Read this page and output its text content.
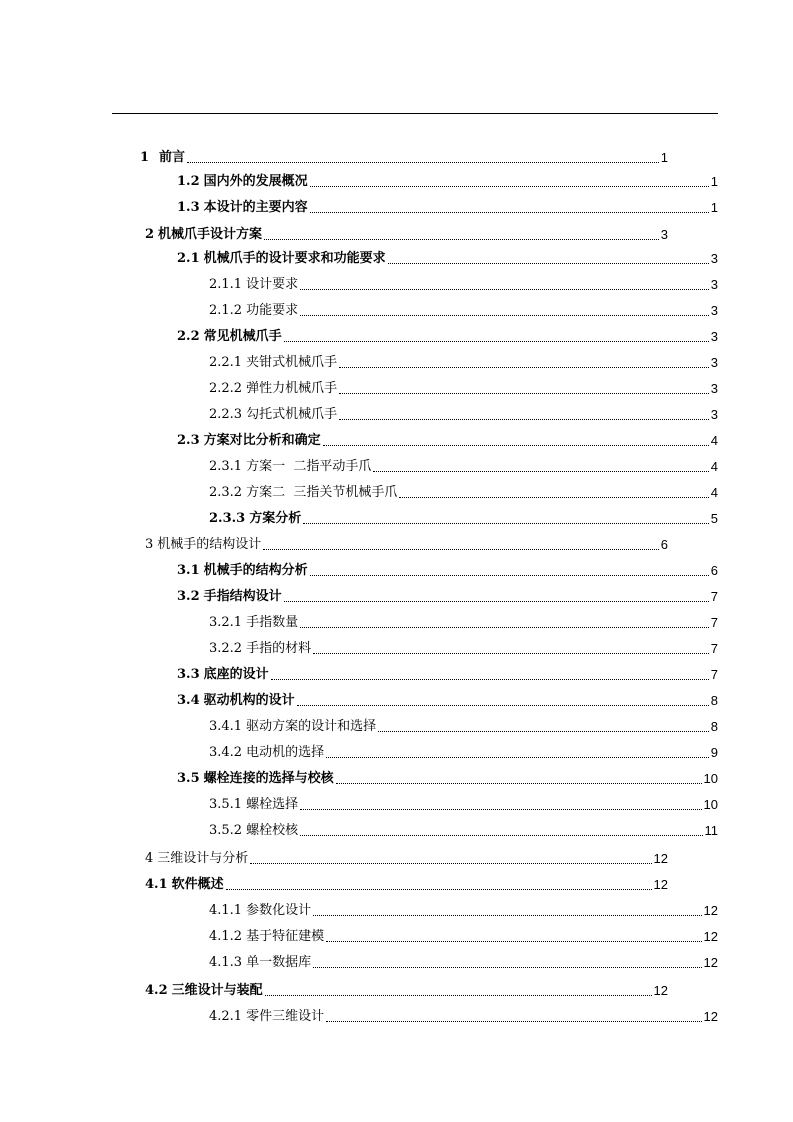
1 前言	1
1.2 国内外的发展概况	1
1.3 本设计的主要内容	1
2 机械爪手设计方案	3
2.1 机械爪手的设计要求和功能要求	3
2.1.1 设计要求	3
2.1.2 功能要求	3
2.2 常见机械爪手	3
2.2.1 夹钳式机械爪手	3
2.2.2 弹性力机械爪手	3
2.2.3 勾托式机械爪手	3
2.3 方案对比分析和确定	4
2.3.1 方案一  二指平动手爪	4
2.3.2 方案二  三指关节机械手爪	4
2.3.3 方案分析	5
3 机械手的结构设计	6
3.1 机械手的结构分析	6
3.2 手指结构设计	7
3.2.1 手指数量	7
3.2.2 手指的材料	7
3.3 底座的设计	7
3.4 驱动机构的设计	8
3.4.1 驱动方案的设计和选择	8
3.4.2 电动机的选择	9
3.5 螺栓连接的选择与校核	10
3.5.1 螺栓选择	10
3.5.2 螺栓校核	11
4 三维设计与分析	12
4.1 软件概述	12
4.1.1 参数化设计	12
4.1.2 基于特征建模	12
4.1.3 单一数据库	12
4.2 三维设计与装配	12
4.2.1 零件三维设计	12
